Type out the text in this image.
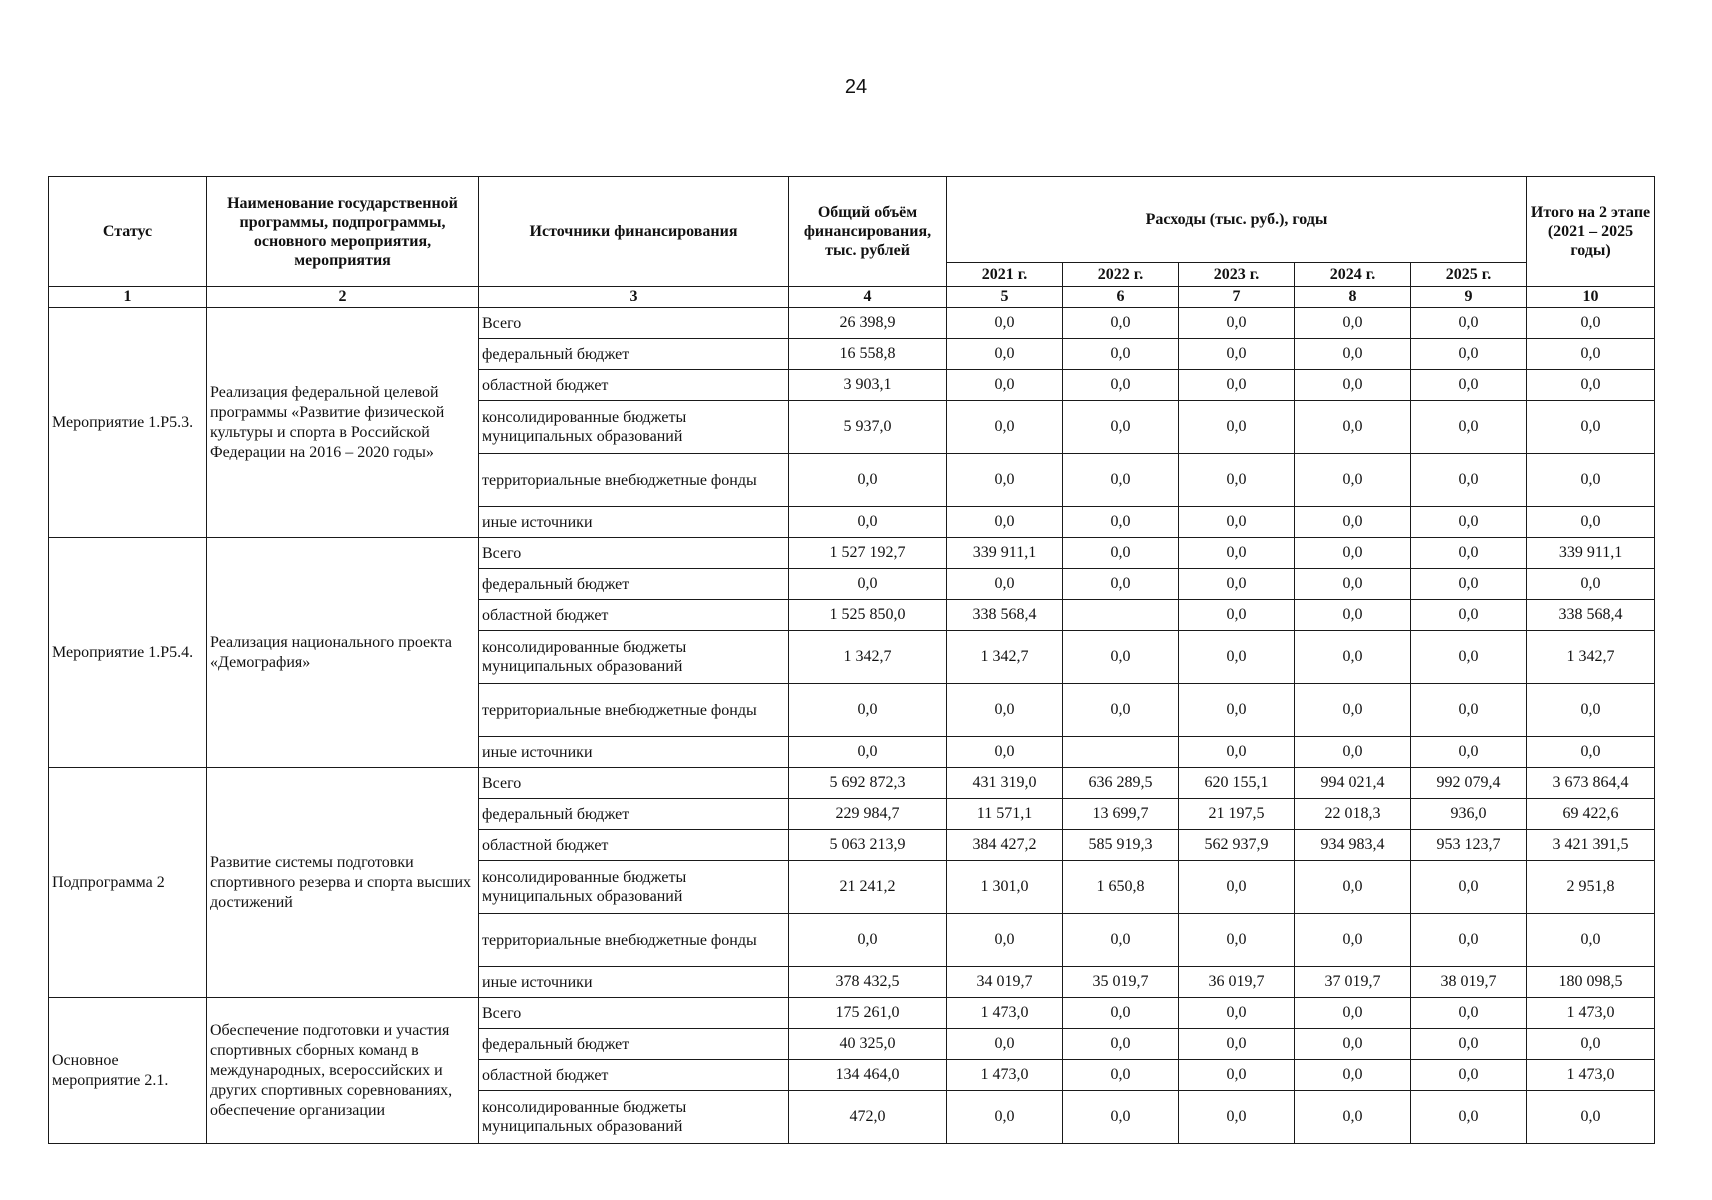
24
Статус	Наименование государственной программы, подпрограммы, основного мероприятия, мероприятия	Источники финансирования	Общий объём финансирования, тыс. рублей	Расходы (тыс. руб.), годы					Итого на 2 этапе (2021 – 2025 годы)
				2021 г.	2022 г.	2023 г.	2024 г.	2025 г.	
1	2	3	4	5	6	7	8	9	10
Мероприятие 1.Р5.3.	Реализация федеральной целевой программы «Развитие физической культуры и спорта в Российской Федерации на 2016 – 2020 годы»	Всего	26 398,9	0,0	0,0	0,0	0,0	0,0	0,0
		федеральный бюджет	16 558,8	0,0	0,0	0,0	0,0	0,0	0,0
		областной бюджет	3 903,1	0,0	0,0	0,0	0,0	0,0	0,0
		консолидированные бюджеты муниципальных образований	5 937,0	0,0	0,0	0,0	0,0	0,0	0,0
		территориальные внебюджетные фонды	0,0	0,0	0,0	0,0	0,0	0,0	0,0
		иные источники	0,0	0,0	0,0	0,0	0,0	0,0	0,0
Мероприятие 1.Р5.4.	Реализация национального проекта «Демография»	Всего	1 527 192,7	339 911,1	0,0	0,0	0,0	0,0	339 911,1
		федеральный бюджет	0,0	0,0	0,0	0,0	0,0	0,0	0,0
		областной бюджет	1 525 850,0	338 568,4		0,0	0,0	0,0	338 568,4
		консолидированные бюджеты муниципальных образований	1 342,7	1 342,7	0,0	0,0	0,0	0,0	1 342,7
		территориальные внебюджетные фонды	0,0	0,0	0,0	0,0	0,0	0,0	0,0
		иные источники	0,0	0,0		0,0	0,0	0,0	0,0
Подпрограмма 2	Развитие системы подготовки спортивного резерва и спорта высших достижений	Всего	5 692 872,3	431 319,0	636 289,5	620 155,1	994 021,4	992 079,4	3 673 864,4
		федеральный бюджет	229 984,7	11 571,1	13 699,7	21 197,5	22 018,3	936,0	69 422,6
		областной бюджет	5 063 213,9	384 427,2	585 919,3	562 937,9	934 983,4	953 123,7	3 421 391,5
		консолидированные бюджеты муниципальных образований	21 241,2	1 301,0	1 650,8	0,0	0,0	0,0	2 951,8
		территориальные внебюджетные фонды	0,0	0,0	0,0	0,0	0,0	0,0	0,0
		иные источники	378 432,5	34 019,7	35 019,7	36 019,7	37 019,7	38 019,7	180 098,5
Основное мероприятие 2.1.	Обеспечение подготовки и участия спортивных сборных команд в международных, всероссийских и других спортивных соревнованиях, обеспечение организации	Всего	175 261,0	1 473,0	0,0	0,0	0,0	0,0	1 473,0
		федеральный бюджет	40 325,0	0,0	0,0	0,0	0,0	0,0	0,0
		областной бюджет	134 464,0	1 473,0	0,0	0,0	0,0	0,0	1 473,0
		консолидированные бюджеты муниципальных образований	472,0	0,0	0,0	0,0	0,0	0,0	0,0
